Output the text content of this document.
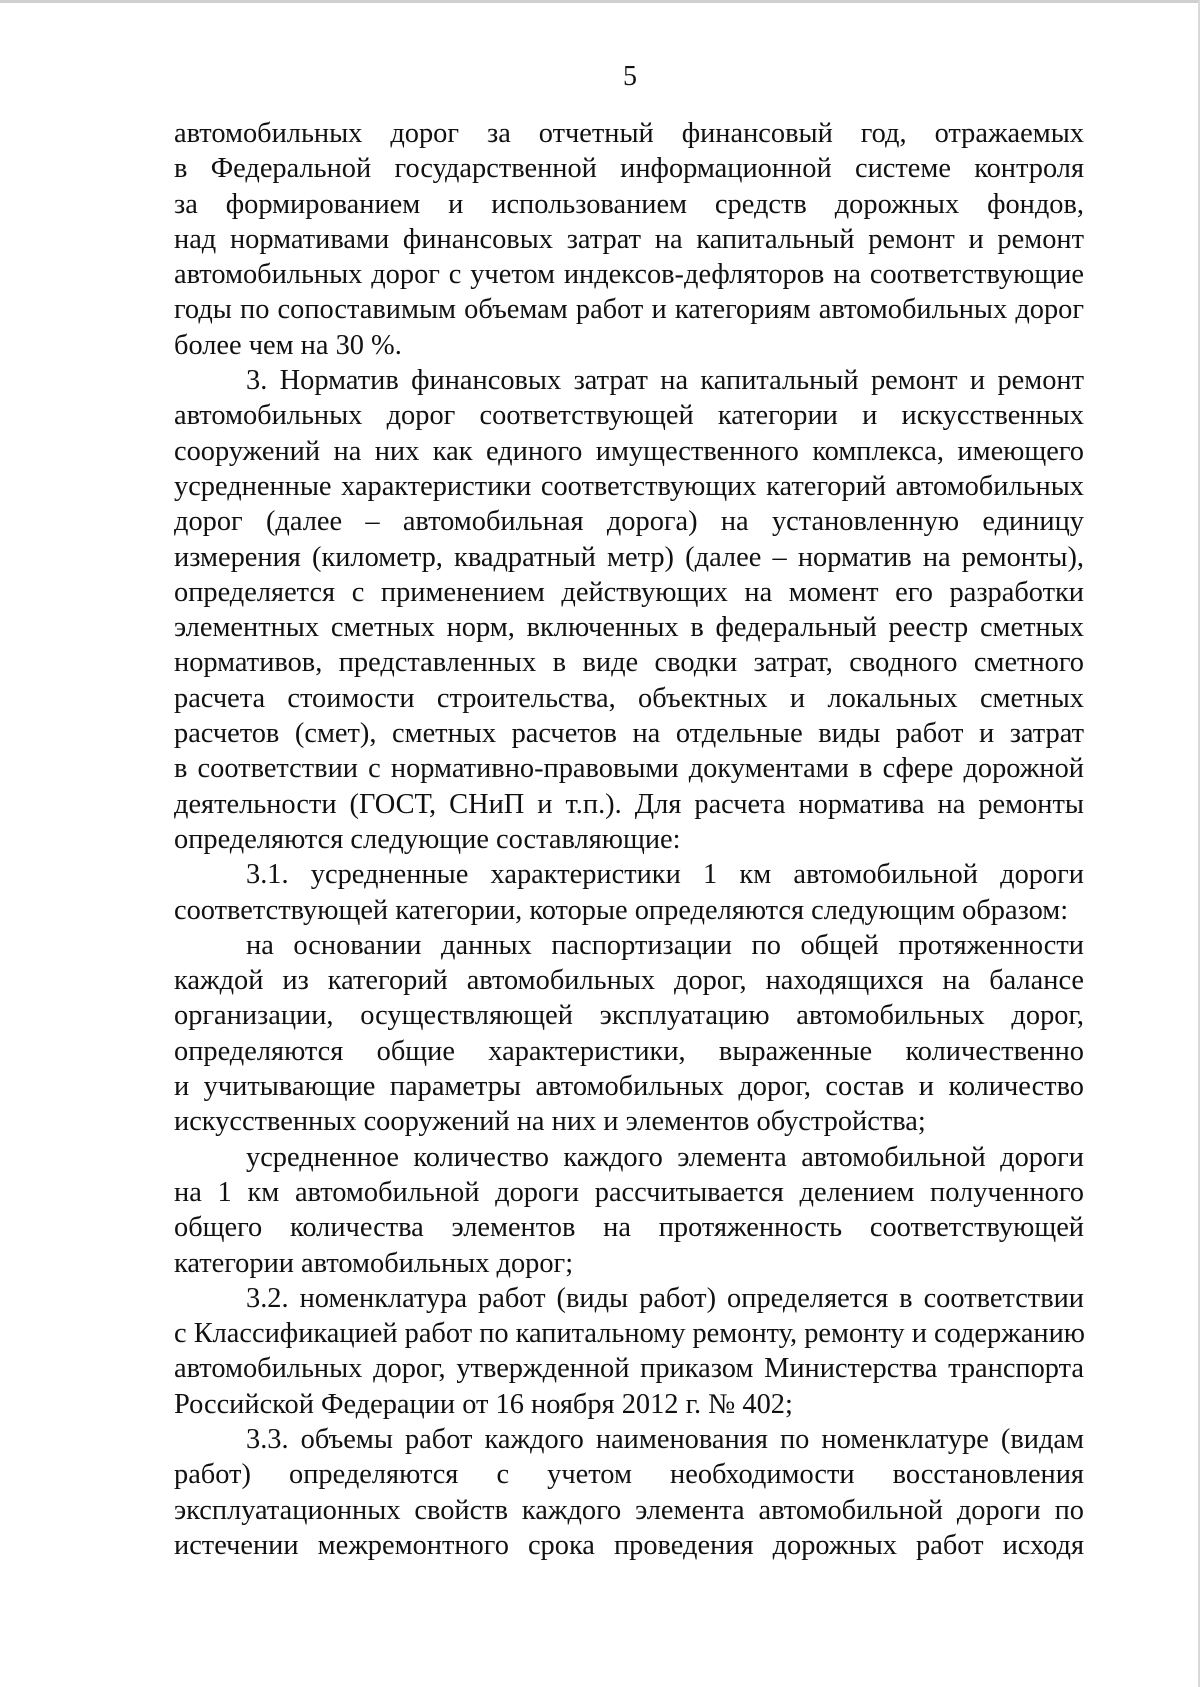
5
автомобильных дорог за отчетный финансовый год, отражаемых
в Федеральной государственной информационной системе контроля
за формированием и использованием средств дорожных фондов,
над нормативами финансовых затрат на капитальный ремонт и ремонт
автомобильных дорог с учетом индексов-дефляторов на соответствующие
годы по сопоставимым объемам работ и категориям автомобильных дорог
более чем на 30 %.
3. Норматив финансовых затрат на капитальный ремонт и ремонт
автомобильных дорог соответствующей категории и искусственных
сооружений на них как единого имущественного комплекса, имеющего
усредненные характеристики соответствующих категорий автомобильных
дорог (далее – автомобильная дорога) на установленную единицу
измерения (километр, квадратный метр) (далее – норматив на ремонты),
определяется с применением действующих на момент его разработки
элементных сметных норм, включенных в федеральный реестр сметных
нормативов, представленных в виде сводки затрат, сводного сметного
расчета стоимости строительства, объектных и локальных сметных
расчетов (смет), сметных расчетов на отдельные виды работ и затрат
в соответствии с нормативно-правовыми документами в сфере дорожной
деятельности (ГОСТ, СНиП и т.п.). Для расчета норматива на ремонты
определяются следующие составляющие:
3.1. усредненные характеристики 1 км автомобильной дороги
соответствующей категории, которые определяются следующим образом:
на основании данных паспортизации по общей протяженности
каждой из категорий автомобильных дорог, находящихся на балансе
организации, осуществляющей эксплуатацию автомобильных дорог,
определяются общие характеристики, выраженные количественно
и учитывающие параметры автомобильных дорог, состав и количество
искусственных сооружений на них и элементов обустройства;
усредненное количество каждого элемента автомобильной дороги
на 1 км автомобильной дороги рассчитывается делением полученного
общего количества элементов на протяженность соответствующей
категории автомобильных дорог;
3.2. номенклатура работ (виды работ) определяется в соответствии
с Классификацией работ по капитальному ремонту, ремонту и содержанию
автомобильных дорог, утвержденной приказом Министерства транспорта
Российской Федерации от 16 ноября 2012 г. № 402;
3.3. объемы работ каждого наименования по номенклатуре (видам
работ) определяются с учетом необходимости восстановления
эксплуатационных свойств каждого элемента автомобильной дороги по
истечении межремонтного срока проведения дорожных работ исходя
